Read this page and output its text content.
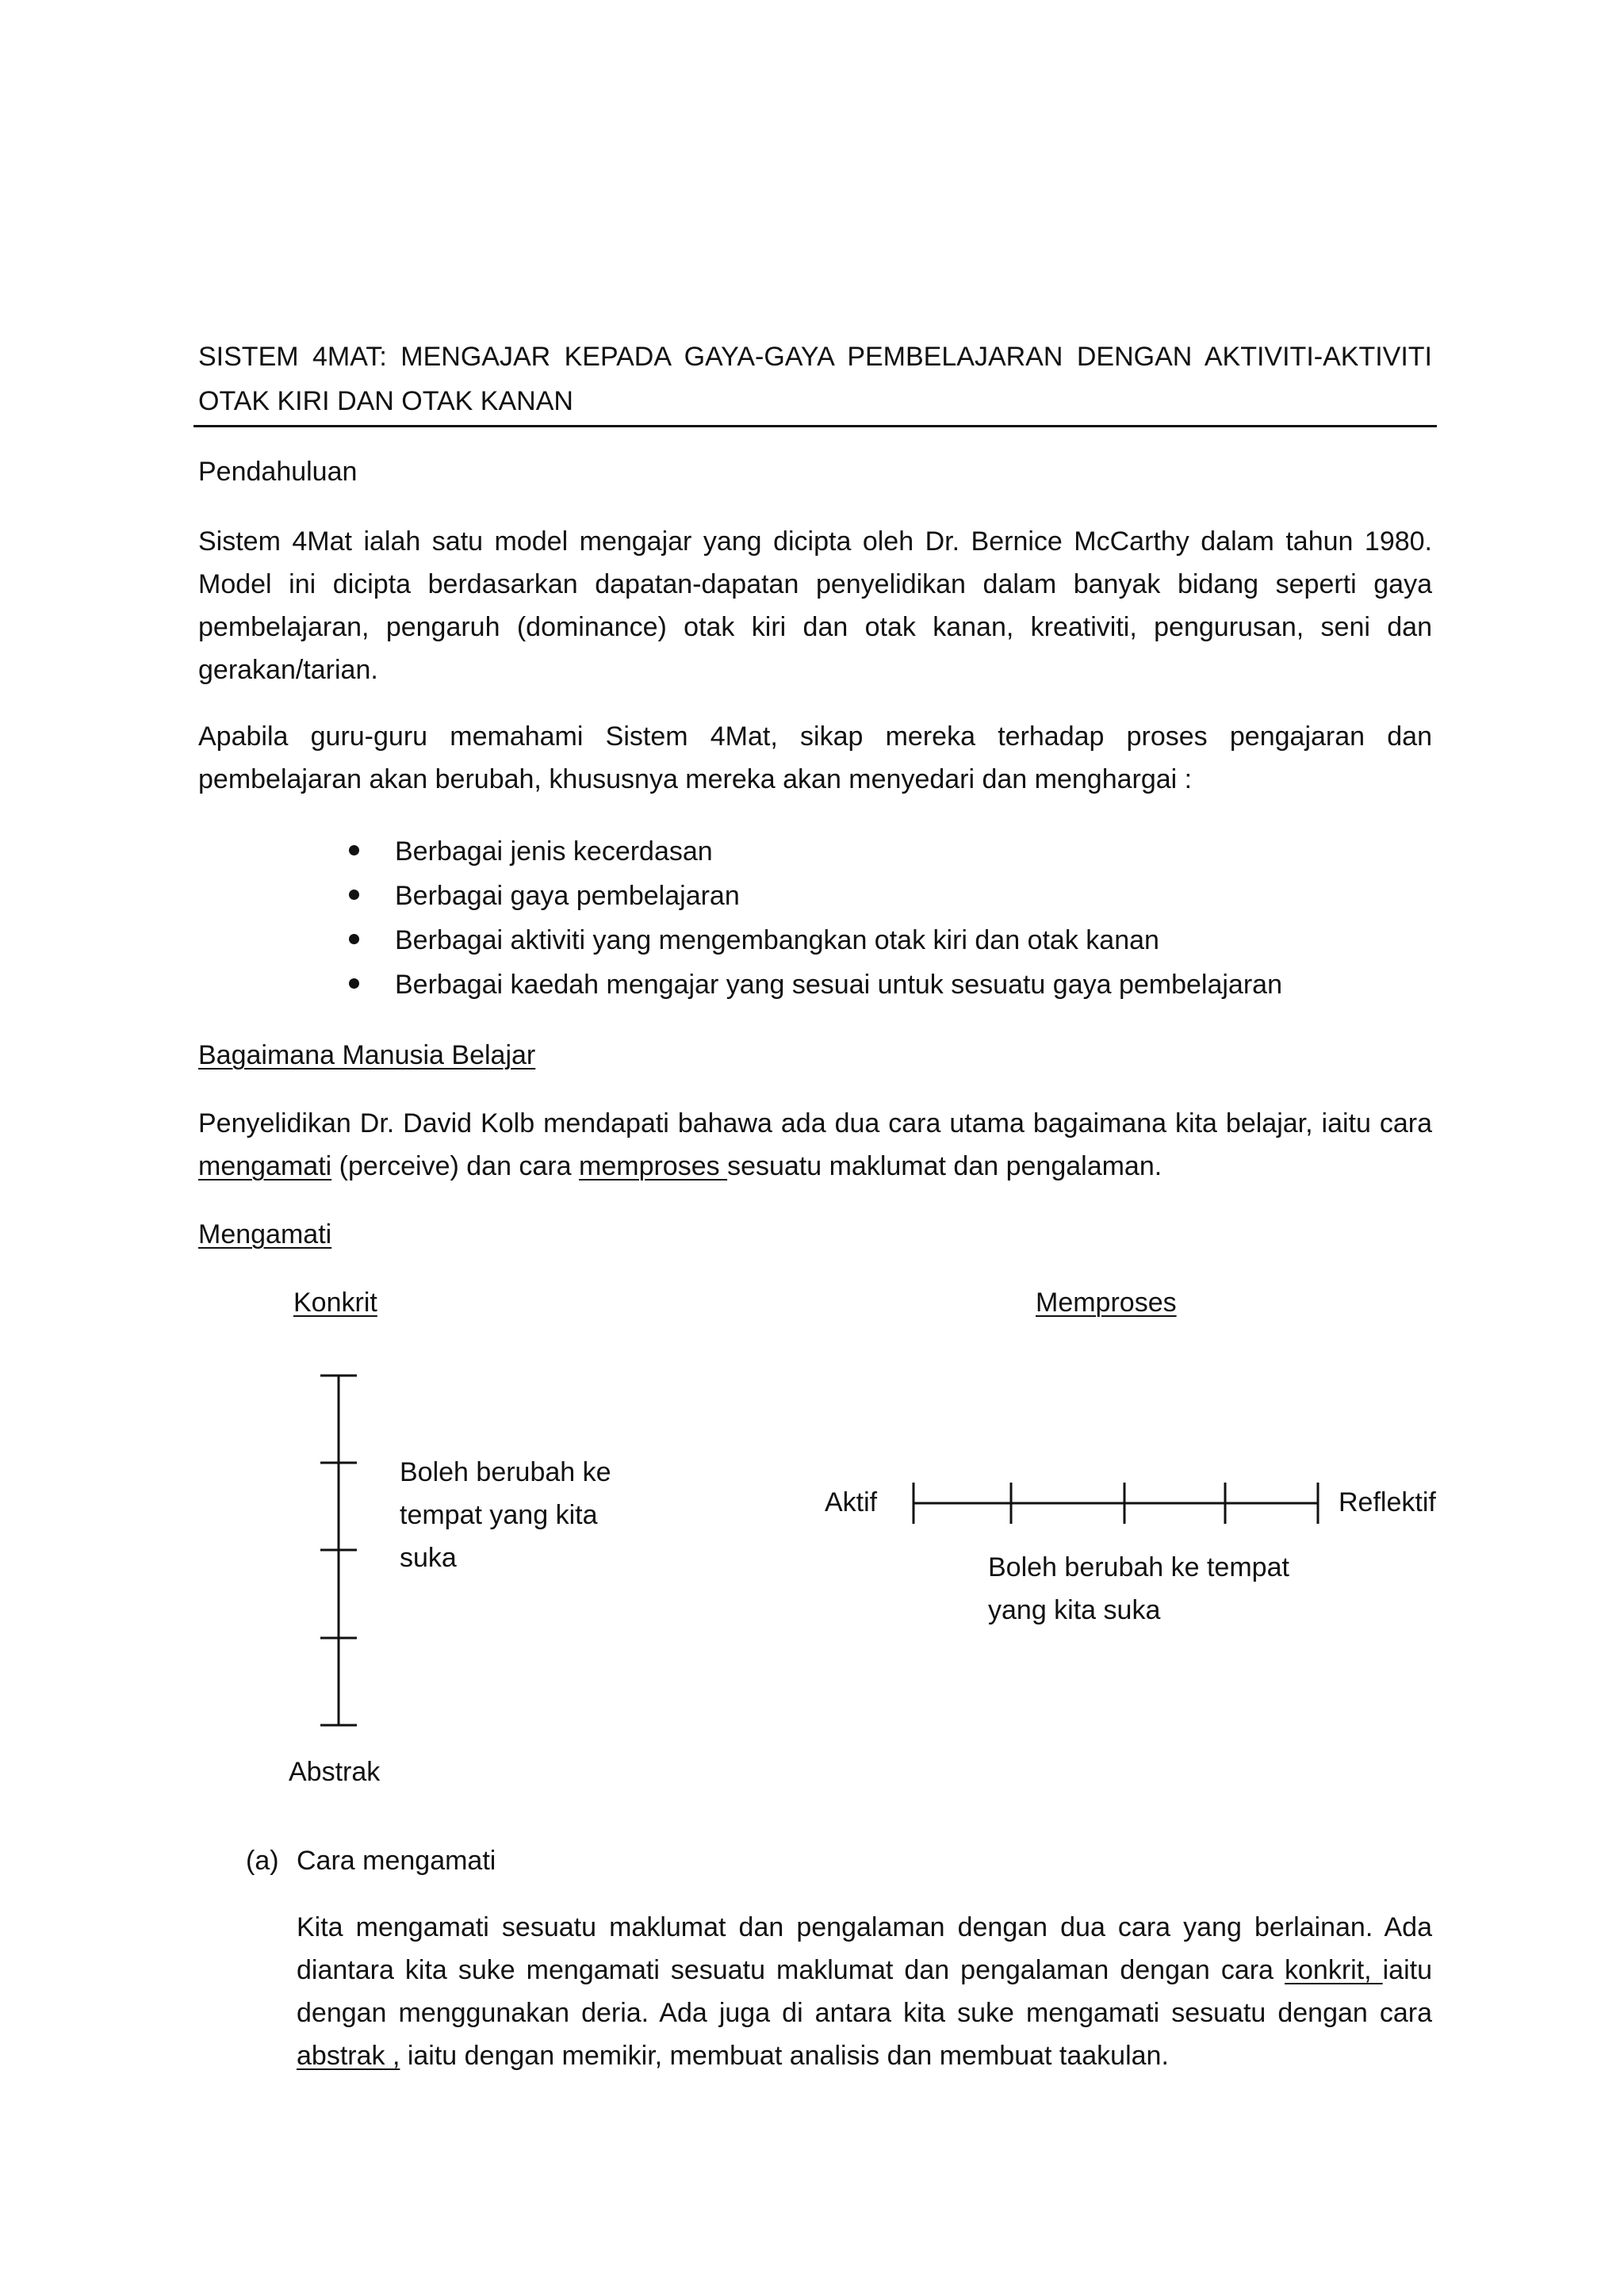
SISTEM 4MAT: MENGAJAR KEPADA GAYA-GAYA PEMBELAJARAN DENGAN AKTIVITI-AKTIVITI OTAK KIRI DAN OTAK KANAN
Pendahuluan
Sistem 4Mat ialah satu model mengajar yang dicipta oleh Dr. Bernice McCarthy dalam tahun 1980. Model ini dicipta berdasarkan dapatan-dapatan penyelidikan dalam banyak bidang seperti gaya pembelajaran, pengaruh (dominance) otak kiri dan otak kanan, kreativiti, pengurusan, seni dan gerakan/tarian.
Apabila guru-guru memahami Sistem 4Mat, sikap mereka terhadap proses pengajaran dan pembelajaran akan berubah, khususnya mereka akan menyedari dan menghargai :
Berbagai jenis kecerdasan
Berbagai gaya pembelajaran
Berbagai aktiviti yang mengembangkan otak kiri dan otak kanan
Berbagai kaedah mengajar yang sesuai untuk sesuatu gaya pembelajaran
Bagaimana Manusia Belajar
Penyelidikan Dr. David Kolb mendapati bahawa ada dua cara utama bagaimana kita belajar, iaitu cara mengamati (perceive) dan cara memproses sesuatu maklumat dan pengalaman.
Mengamati
Konkrit	Memproses
Boleh berubah ke tempat yang kita suka
Aktif	Reflektif
Boleh berubah ke tempat yang kita suka
Abstrak
(a) Cara mengamati
Kita mengamati sesuatu maklumat dan pengalaman dengan dua cara yang berlainan. Ada diantara kita suke mengamati sesuatu maklumat dan pengalaman dengan cara konkrit, iaitu dengan menggunakan deria. Ada juga di antara kita suke mengamati sesuatu dengan cara abstrak , iaitu dengan memikir, membuat analisis dan membuat taakulan.
